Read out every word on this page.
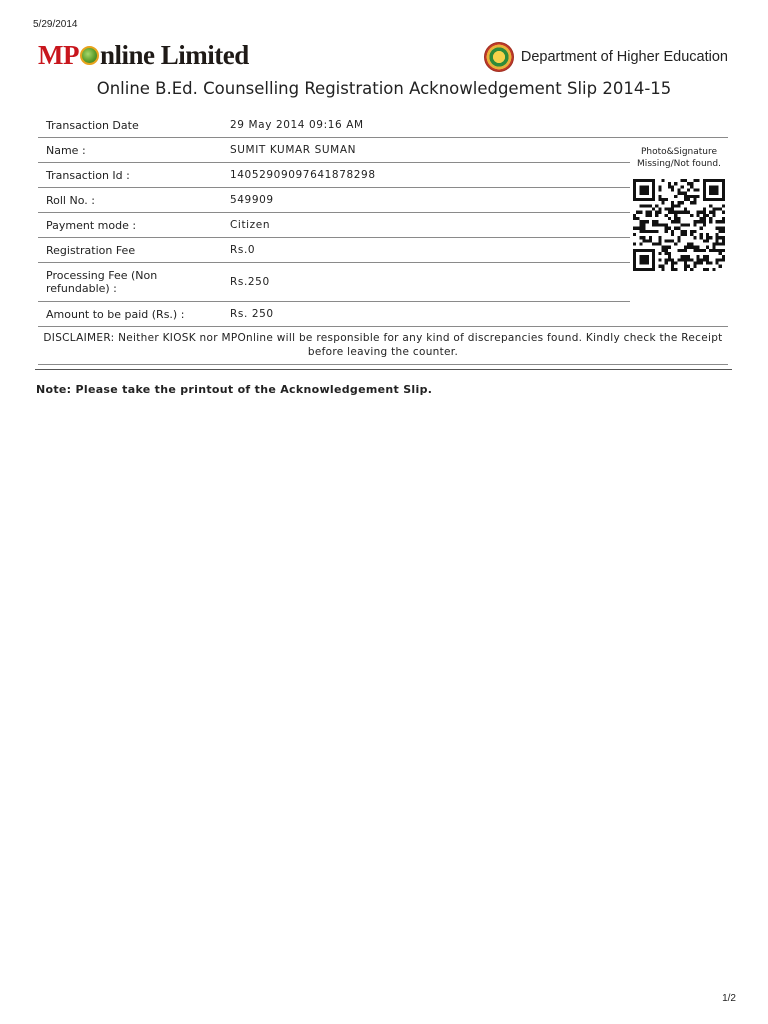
5/29/2014
MP nline Limited	Department of Higher Education
Online B.Ed. Counselling Registration Acknowledgement Slip 2014-15
Transaction Date	29 May 2014 09:16 AM	
Name :	SUMIT KUMAR SUMAN	Photo&Signature Missing/Not found.

Transaction Id :	14052909097641878298	
Roll No. :	549909	
Payment mode :	Citizen	
Registration Fee	Rs.0	
Processing Fee (Non refundable) :	Rs.250	
Amount to be paid (Rs.) :	Rs. 250	
DISCLAIMER: Neither KIOSK nor MPOnline will be responsible for any kind of discrepancies found. Kindly check the Receipt before leaving the counter.
Note: Please take the printout of the Acknowledgement Slip.
1/2
